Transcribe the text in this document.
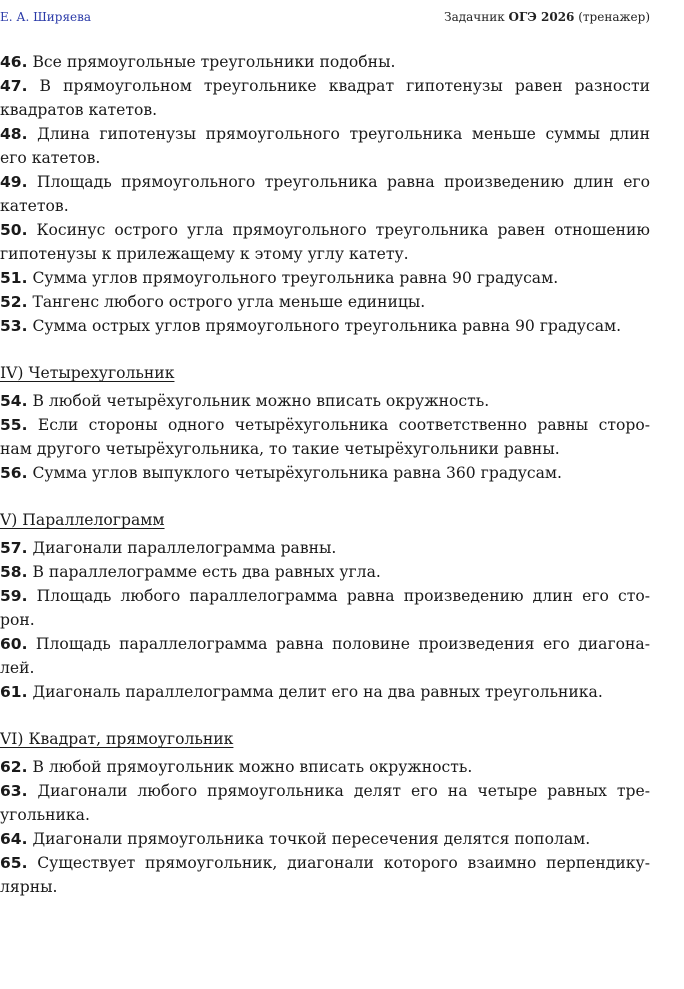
Е. А. Ширяева	Задачник ОГЭ 2026 (тренажер)
46. Все прямоугольные треугольники подобны.
47. В прямоугольном треугольнике квадрат гипотенузы равен разности
квадратов катетов.
48. Длина гипотенузы прямоугольного треугольника меньше суммы длин
его катетов.
49. Площадь прямоугольного треугольника равна произведению длин его
катетов.
50. Косинус острого угла прямоугольного треугольника равен отношению
гипотенузы к прилежащему к этому углу катету.
51. Сумма углов прямоугольного треугольника равна 90 градусам.
52. Тангенс любого острого угла меньше единицы.
53. Сумма острых углов прямоугольного треугольника равна 90 градусам.
IV) Четырехугольник
54. В любой четырёхугольник можно вписать окружность.
55. Если стороны одного четырёхугольника соответственно равны сторо-
нам другого четырёхугольника, то такие четырёхугольники равны.
56. Сумма углов выпуклого четырёхугольника равна 360 градусам.
V) Параллелограмм
57. Диагонали параллелограмма равны.
58. В параллелограмме есть два равных угла.
59. Площадь любого параллелограмма равна произведению длин его сто-
рон.
60. Площадь параллелограмма равна половине произведения его диагона-
лей.
61. Диагональ параллелограмма делит его на два равных треугольника.
VI) Квадрат, прямоугольник
62. В любой прямоугольник можно вписать окружность.
63. Диагонали любого прямоугольника делят его на четыре равных тре-
угольника.
64. Диагонали прямоугольника точкой пересечения делятся пополам.
65. Существует прямоугольник, диагонали которого взаимно перпендику-
лярны.
